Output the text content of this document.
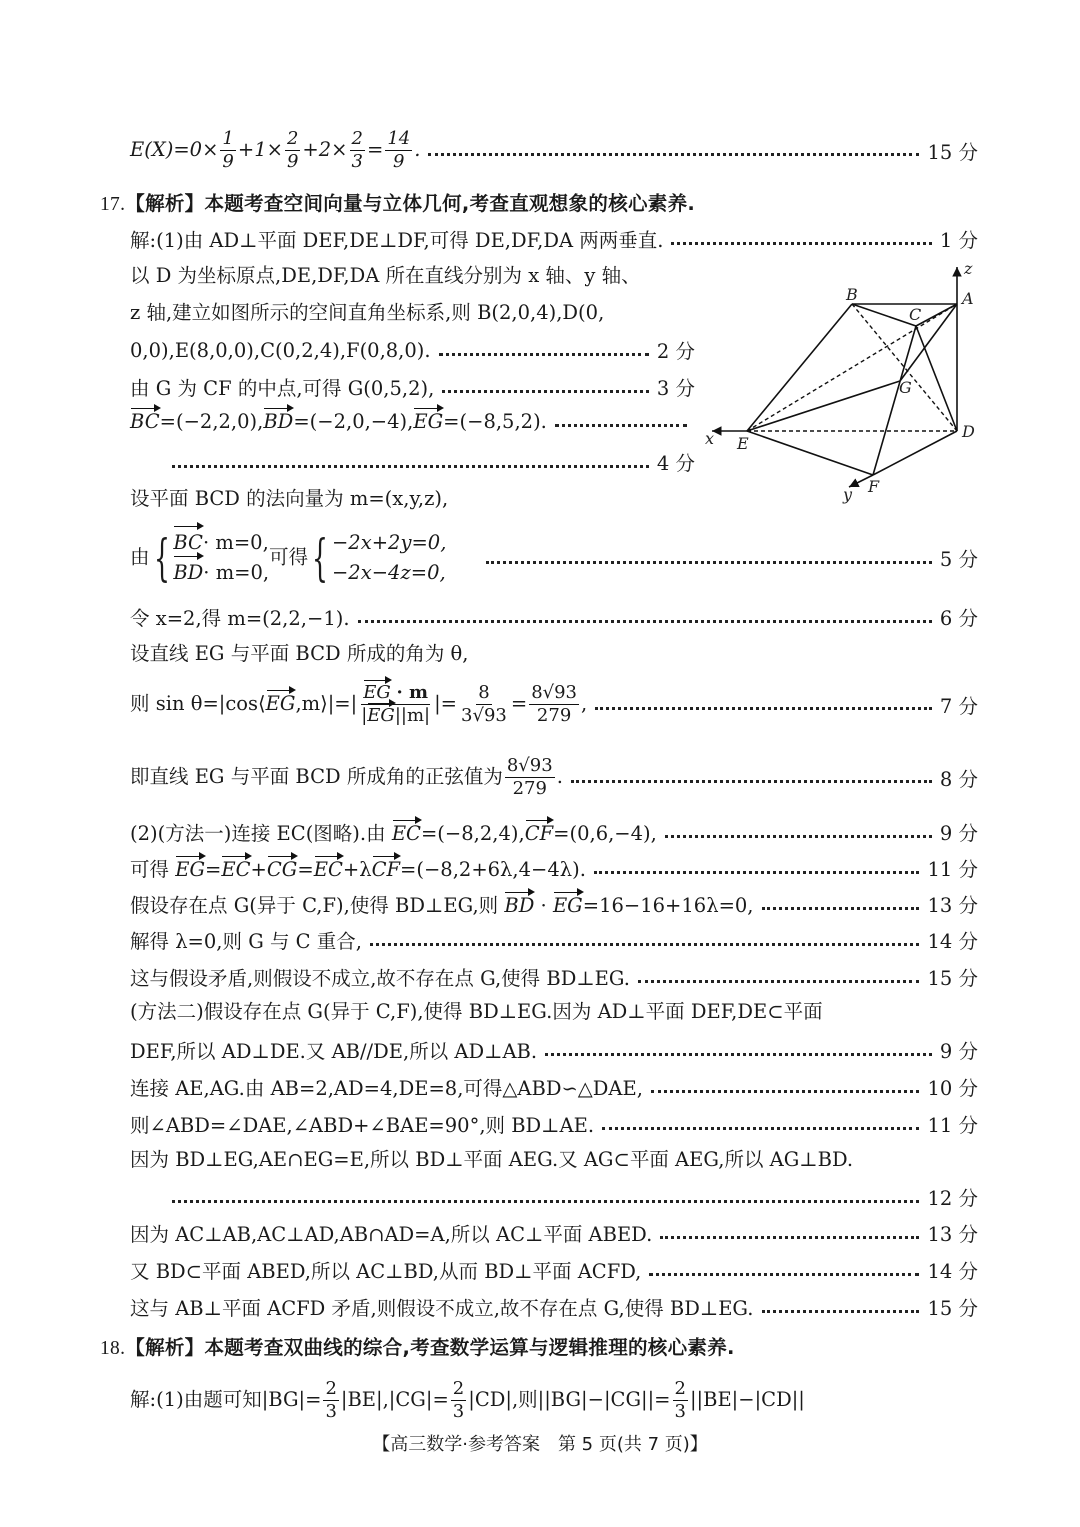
$E(X)=0\times \frac{1}{9} +1\times \frac{2}{9} +2\times \frac{2}{3} = \frac{14}{9}$ .	15 分
17.【解析】本题考查空间向量与立体几何,考查直观想象的核心素养.
解:(1)由 AD⊥平面 DEF,DE⊥DF,可得 DE,DF,DA 两两垂直.	1 分
以 D 为坐标原点,DE,DF,DA 所在直线分别为 x 轴、y 轴、
z 轴,建立如图所示的空间直角坐标系,则 B(2,0,4),D(0,
0,0),E(8,0,0),C(0,2,4),F(0,8,0).	2 分
由 G 为 CF 的中点,可得 G(0,5,2),	3 分
BC=(−2,2,0),BD=(−2,0,−4),EG=(−8,5,2).
4 分
设平面 BCD 的法向量为 m=(x,y,z),
由{ BC· m=0,
BD· m=0,
可得{ −2x+2y=0,
−2x−4z=0,
5 分
令 x=2,得 m=(2,2,−1).	6 分
设直线 EG 与平面 BCD 所成的角为 θ,
则 sin θ=|cos⟨EG,m⟩|=| $\frac{EG \cdot m}{|EG||m|}$ |= $\frac{8}{3√93} = \frac{8√93}{279}$ ,	7 分
即直线 EG 与平面 BCD 所成角的正弦值为 $\frac{8√93}{279}$ .	8 分
(2)(方法一)连接 EC(图略).由 EC=(−8,2,4),CF=(0,6,−4),	9 分
可得 EG=EC+CG=EC+λCF=(−8,2+6λ,4−4λ).	11 分
假设存在点 G(异于 C,F),使得 BD⊥EG,则 BD · EG=16−16+16λ=0,	13 分
解得 λ=0,则 G 与 C 重合,	14 分
这与假设矛盾,则假设不成立,故不存在点 G,使得 BD⊥EG.	15 分
(方法二)假设存在点 G(异于 C,F),使得 BD⊥EG.因为 AD⊥平面 DEF,DE⊂平面
DEF,所以 AD⊥DE.又 AB//DE,所以 AD⊥AB.	9 分
连接 AE,AG.由 AB=2,AD=4,DE=8,可得△ABD∽△DAE,	10 分
则∠ABD=∠DAE,∠ABD+∠BAE=90°,则 BD⊥AE.	11 分
因为 BD⊥EG,AE∩EG=E,所以 BD⊥平面 AEG.又 AG⊂平面 AEG,所以 AG⊥BD.
12 分
因为 AC⊥AB,AC⊥AD,AB∩AD=A,所以 AC⊥平面 ABED.	13 分
又 BD⊂平面 ABED,所以 AC⊥BD,从而 BD⊥平面 ACFD,	14 分
这与 AB⊥平面 ACFD 矛盾,则假设不成立,故不存在点 G,使得 BD⊥EG.	15 分
18.【解析】本题考查双曲线的综合,考查数学运算与逻辑推理的核心素养.
解:(1)由题可知$|BG|= \frac{2}{3} |BE|,|CG|= \frac{2}{3} |CD|$,则$||BG|-|CG||= \frac{2}{3} ||BE|-|CD||$
【高三数学·参考答案　第 5 页(共 7 页)】
A
B
C
D
E
F
G
x
y
z
